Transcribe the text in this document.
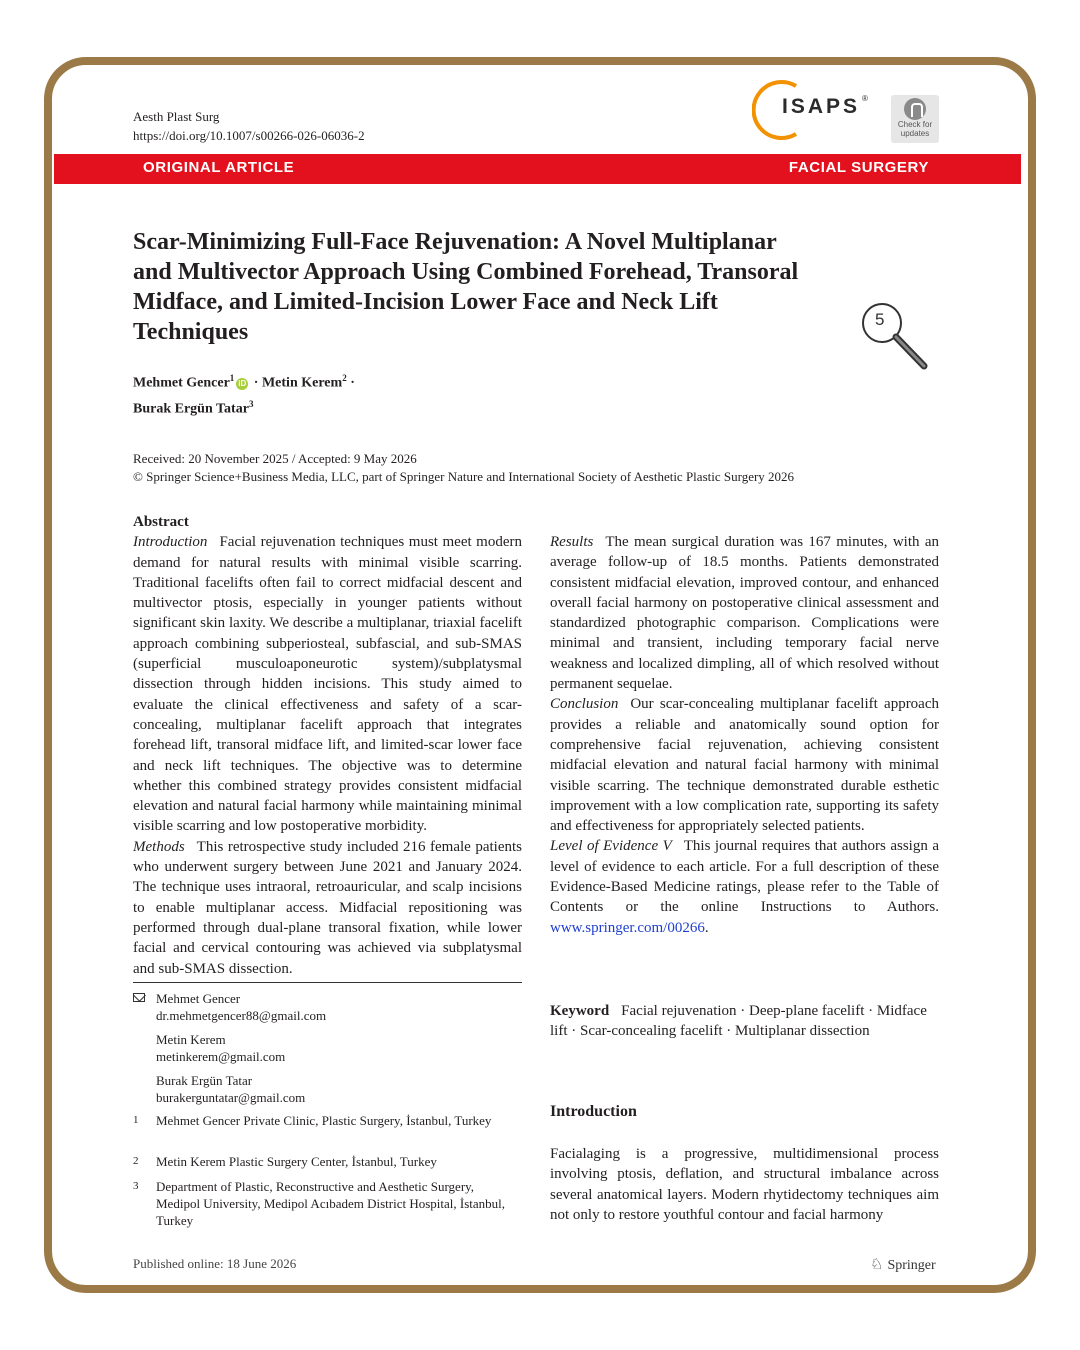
Aesth Plast Surg
https://doi.org/10.1007/s00266-026-06036-2
ISAPS ®
Check for
updates
ORIGINAL ARTICLE	FACIAL SURGERY
Scar-Minimizing Full-Face Rejuvenation: A Novel Multiplanar
and Multivector Approach Using Combined Forehead, Transoral
Midface, and Limited-Incision Lower Face and Neck Lift
Techniques	5
Mehmet Gencer$^1$iD · Metin Kerem$^2$ ·
Burak Ergün Tatar$^3$
Received: 20 November 2025 / Accepted: 9 May 2026
© Springer Science+Business Media, LLC, part of Springer Nature and International Society of Aesthetic Plastic Surgery 2026

Abstract

Introduction Facial rejuvenation techniques must meet modern demand for natural results with minimal visible scarring. Traditional facelifts often fail to correct midfacial descent and multivector ptosis, especially in younger patients without significant skin laxity. We describe a multiplanar, triaxial facelift approach combining subperiosteal, subfascial, and sub-SMAS (superficial musculoaponeurotic system)/subplatysmal dissection through hidden incisions. This study aimed to evaluate the clinical effectiveness and safety of a scar-concealing, multiplanar facelift approach that integrates forehead lift, transoral midface lift, and limited-scar lower face and neck lift techniques. The objective was to determine whether this combined strategy provides consistent midfacial elevation and natural facial harmony while maintaining minimal visible scarring and low postoperative morbidity.

Methods This retrospective study included 216 female patients who underwent surgery between June 2021 and January 2024. The technique uses intraoral, retroauricular, and scalp incisions to enable multiplanar access. Midfacial repositioning was performed through dual-plane transoral fixation, while lower facial and cervical contouring was achieved via subplatysmal and sub-SMAS dissection.

Results The mean surgical duration was 167 minutes, with an average follow-up of 18.5 months. Patients demonstrated consistent midfacial elevation, improved contour, and enhanced overall facial harmony on postoperative clinical assessment and standardized photographic comparison. Complications were minimal and transient, including temporary facial nerve weakness and localized dimpling, all of which resolved without permanent sequelae.

Conclusion Our scar-concealing multiplanar facelift approach provides a reliable and anatomically sound option for comprehensive facial rejuvenation, achieving consistent midfacial elevation and natural facial harmony with minimal visible scarring. The technique demonstrated durable esthetic improvement with a low complication rate, supporting its safety and effectiveness for appropriately selected patients.

Level of Evidence V This journal requires that authors assign a level of evidence to each article. For a full description of these Evidence-Based Medicine ratings, please refer to the Table of Contents or the online Instructions to Authors. www.springer.com/00266.

Mehmet Gencer
dr.mehmetgencer88@gmail.com
Metin Kerem
metinkerem@gmail.com
Burak Ergün Tatar
burakerguntatar@gmail.com
1 Mehmet Gencer Private Clinic, Plastic Surgery, İstanbul, Turkey
2 Metin Kerem Plastic Surgery Center, İstanbul, Turkey
3 Department of Plastic, Reconstructive and Aesthetic Surgery, Medipol University, Medipol Acıbadem District Hospital, İstanbul, Turkey
Keyword Facial rejuvenation · Deep-plane facelift · Midface lift · Scar-concealing facelift · Multiplanar dissection
Introduction
Facialaging is a progressive, multidimensional process involving ptosis, deflation, and structural imbalance across several anatomical layers. Modern rhytidectomy techniques aim not only to restore youthful contour and facial harmony
Published online: 18 June 2026	♘ Springer
